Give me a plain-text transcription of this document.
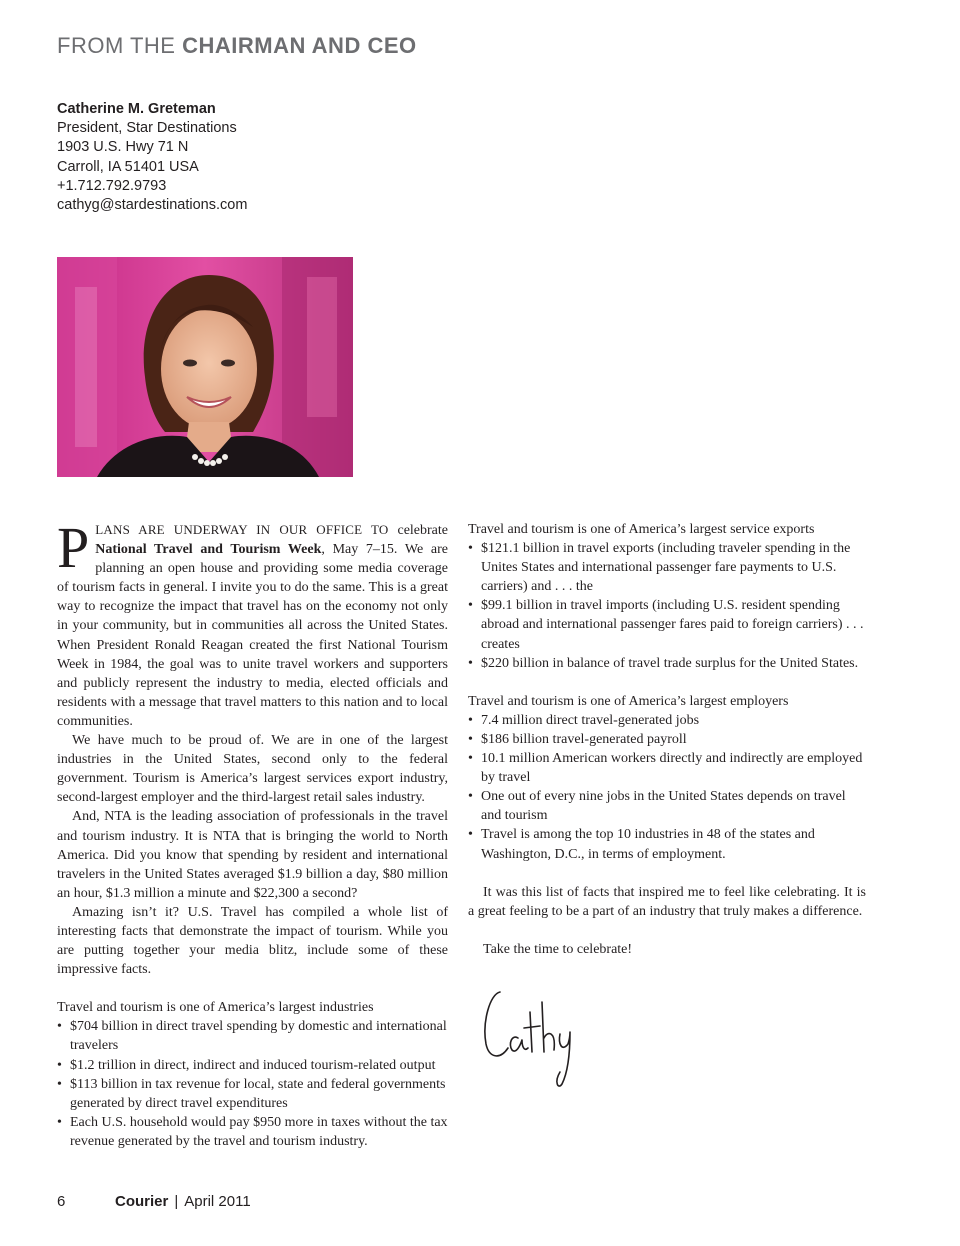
FROM THE CHAIRMAN AND CEO
Catherine M. Greteman
President, Star Destinations
1903 U.S. Hwy 71 N
Carroll, IA 51401 USA
+1.712.792.9793
cathyg@stardestinations.com

PLANS ARE UNDERWAY IN OUR OFFICE TO celebrate National Travel and Tourism Week, May 7–15. We are planning an open house and providing some media coverage of tourism facts in general. I invite you to do the same. This is a great way to recognize the impact that travel has on the economy not only in your community, but in communities all across the United States. When President Ronald Reagan created the first National Tourism Week in 1984, the goal was to unite travel workers and supporters and publicly represent the industry to media, elected officials and residents with a message that travel matters to this nation and to local communities.

We have much to be proud of. We are in one of the largest industries in the United States, second only to the federal government. Tourism is America’s largest services export industry, second-largest employer and the third-largest retail sales industry.

And, NTA is the leading association of professionals in the travel and tourism industry. It is NTA that is bringing the world to North America. Did you know that spending by resident and international travelers in the United States averaged $1.9 billion a day, $80 million an hour, $1.3 million a minute and $22,300 a second?

Amazing isn’t it? U.S. Travel has compiled a whole list of interesting facts that demonstrate the impact of tourism. While you are putting together your media blitz, include some of these impressive facts.

Travel and tourism is one of America’s largest industries

• $704 billion in direct travel spending by domestic and international travelers
• $1.2 trillion in direct, indirect and induced tourism-related output
• $113 billion in tax revenue for local, state and federal governments generated by direct travel expenditures
• Each U.S. household would pay $950 more in taxes without the tax revenue generated by the travel and tourism industry.

Travel and tourism is one of America’s largest service exports

• $121.1 billion in travel exports (including traveler spending in the Unites States and international passenger fare payments to U.S. carriers) and . . . the
• $99.1 billion in travel imports (including U.S. resident spending abroad and international passenger fares paid to foreign carriers) . . . creates
• $220 billion in balance of travel trade surplus for the United States.

Travel and tourism is one of America’s largest employers

• 7.4 million direct travel-generated jobs
• $186 billion travel-generated payroll
• 10.1 million American workers directly and indirectly are employed by travel
• One out of every nine jobs in the United States depends on travel and tourism
• Travel is among the top 10 industries in 48 of the states and Washington, D.C., in terms of employment.

It was this list of facts that inspired me to feel like celebrating. It is a great feeling to be a part of an industry that truly makes a difference.

Take the time to celebrate!

6	Courier | April 2011
